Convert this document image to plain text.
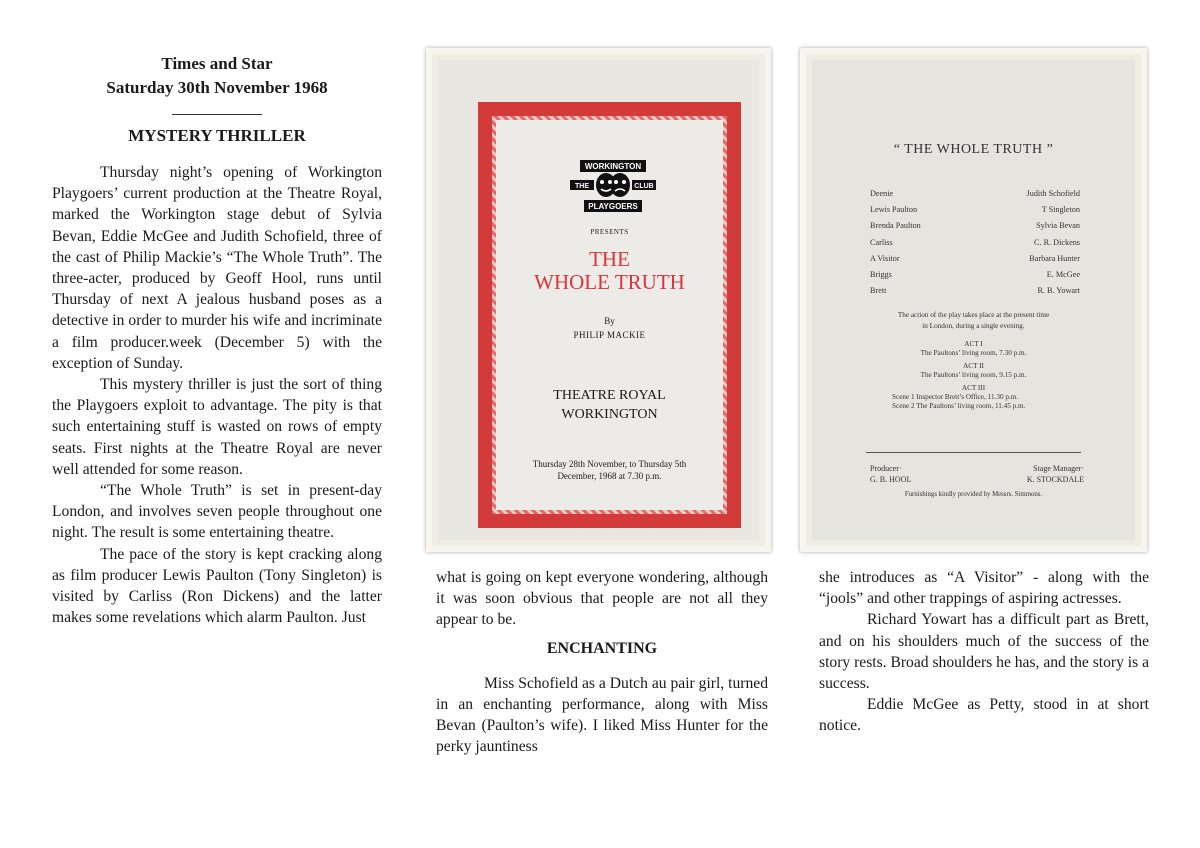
Times and Star
Saturday 30th November 1968
MYSTERY THRILLER

Thursday night’s opening of Workington Playgoers’ current production at the Theatre Royal, marked the Workington stage debut of Sylvia Bevan, Eddie McGee and Judith Schofield, three of the cast of Philip Mackie’s “The Whole Truth”. The three-acter, produced by Geoff Hool, runs until Thursday of next A jealous husband poses as a detective in order to murder his wife and incriminate a film producer.week (December 5) with the exception of Sunday.

This mystery thriller is just the sort of thing the Playgoers exploit to advantage. The pity is that such entertaining stuff is wasted on rows of empty seats. First nights at the Theatre Royal are never well attended for some reason.

“The Whole Truth” is set in present-day London, and involves seven people throughout one night. The result is some entertaining theatre.

The pace of the story is kept cracking along as film producer Lewis Paulton (Tony Singleton) is visited by Carliss (Ron Dickens) and the latter makes some revelations which alarm Paulton. Just

WORKINGTON
THE	CLUB
PLAYGOERS
PRESENTS
THE
WHOLE TRUTH
By
PHILIP MACKIE
THEATRE ROYAL
WORKINGTON
Thursday 28th November, to Thursday 5th
December, 1968 at 7.30 p.m.
“ THE WHOLE TRUTH ”
Deenie	Judith Schofield
Lewis Paulton	T Singleton
Brenda Paulton	Sylvia Bevan
Carliss	C. R. Dickens
A Visitor	Barbara Hunter
Briggs	E. McGee
Brett	R. B. Yowart
The action of the play takes place at the present time
in London, during a single evening.
ACT I
The Paultons’ living room, 7.30 p.m.
ACT II
The Paultons’ living room, 9.15 p.m.
ACT III
Scene 1 Inspector Brett’s Office, 11.30 p.m.
Scene 2 The Paultons’ living room, 11.45 p.m.
Producer·
G. B. HOOL
Stage Manager·
K. STOCKDALE
Furnishings kindly provided by Messrs. Simmons.

what is going on kept everyone wondering, although it was soon obvious that people are not all they appear to be.

ENCHANTING

Miss Schofield as a Dutch au pair girl, turned in an enchanting performance, along with Miss Bevan (Paulton’s wife). I liked Miss Hunter for the perky jauntiness

she introduces as “A Visitor” - along with the “jools” and other trappings of aspiring actresses.

Richard Yowart has a difficult part as Brett, and on his shoulders much of the success of the story rests. Broad shoulders he has, and the story is a success.

Eddie McGee as Petty, stood in at short notice.
